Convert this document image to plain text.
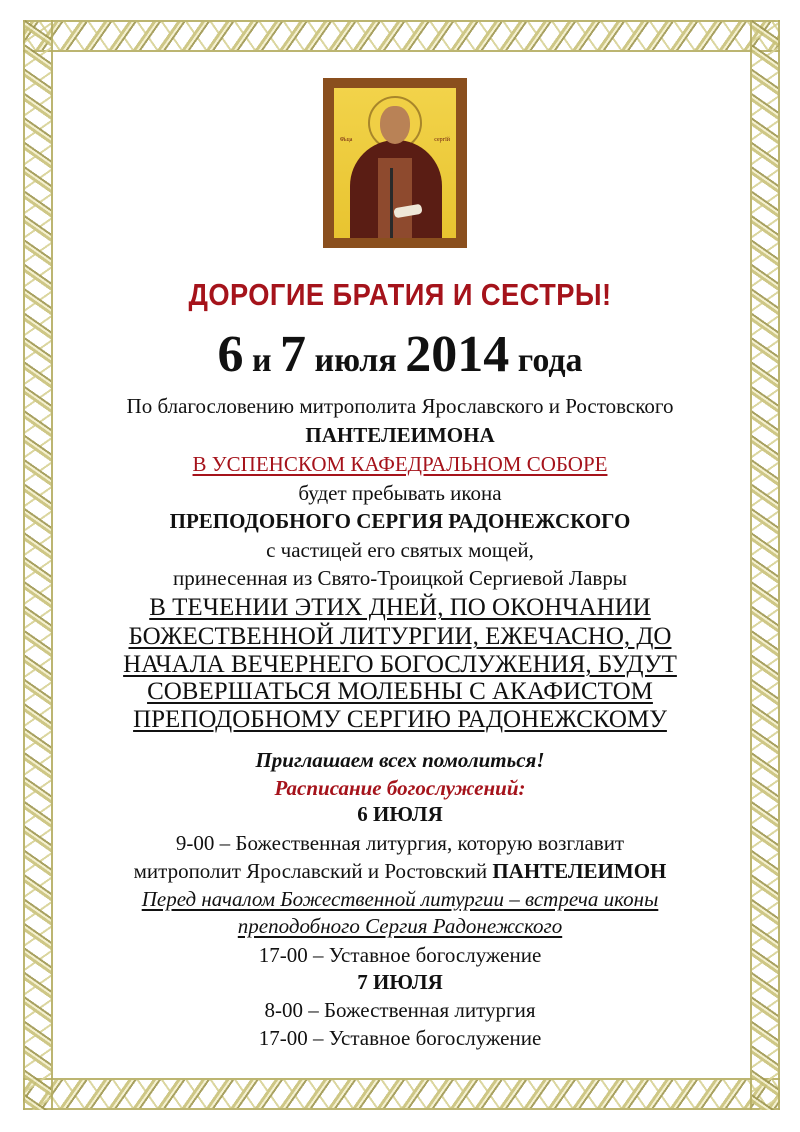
ѿ҃ьца	сергїй
ДОРОГИЕ БРАТИЯ И СЕСТРЫ!
6 и 7 июля 2014 года
По благословению митрополита Ярославского и Ростовского
ПАНТЕЛЕИМОНА
В УСПЕНСКОМ КАФЕДРАЛЬНОМ СОБОРЕ
будет пребывать икона
ПРЕПОДОБНОГО СЕРГИЯ РАДОНЕЖСКОГО
с частицей его святых мощей,
принесенная из Свято-Троицкой Сергиевой Лавры
В ТЕЧЕНИИ ЭТИХ ДНЕЙ, ПО ОКОНЧАНИИ
БОЖЕСТВЕННОЙ ЛИТУРГИИ, ЕЖЕЧАСНО, ДО
НАЧАЛА ВЕЧЕРНЕГО БОГОСЛУЖЕНИЯ, БУДУТ
СОВЕРШАТЬСЯ МОЛЕБНЫ С АКАФИСТОМ
ПРЕПОДОБНОМУ СЕРГИЮ РАДОНЕЖСКОМУ
Приглашаем всех помолиться!
Расписание богослужений:
6 ИЮЛЯ
9-00 – Божественная литургия, которую возглавит
митрополит Ярославский и Ростовский ПАНТЕЛЕИМОН
Перед началом Божественной литургии – встреча иконы
преподобного Сергия Радонежского
17-00 – Уставное богослужение
7 ИЮЛЯ
8-00 – Божественная литургия
17-00 – Уставное богослужение
